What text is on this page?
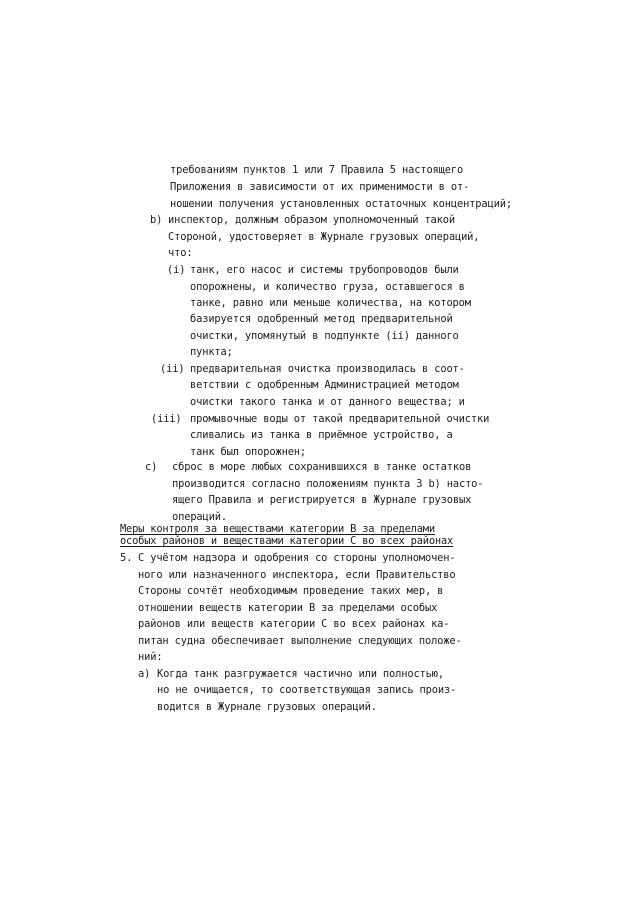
требованиям пунктов 1 или 7 Правила 5 настоящего
Приложения в зависимости от их применимости в от-
ношении получения установленных остаточных концентраций;
b) инспектор, должным образом уполномоченный такой
Стороной, удостоверяет в Журнале грузовых операций,
что:
(i) танк, его насос и системы трубопроводов были
опорожнены, и количество груза, оставшегося в
танке, равно или меньше количества, на котором
базируется одобренный метод предварительной
очистки, упомянутый в подпункте (ii) данного
пункта;
(ii) предварительная очистка производилась в соот-
ветствии с одобренным Администрацией методом
очистки такого танка и от данного вещества; и
(iii) промывочные воды от такой предварительной очистки
сливались из танка в приёмное устройство, а
танк был опорожнен;
c) сброс в море любых сохранившихся в танке остатков
производится согласно положениям пункта 3 b) насто-
ящего Правила и регистрируется в Журнале грузовых
операций.
Меры контроля за веществами категории B за пределами
особых районов и веществами категории C во всех районах
5. С учётом надзора и одобрения со стороны уполномочен-
ного или назначенного инспектора, если Правительство
Стороны сочтёт необходимым проведение таких мер, в
отношении веществ категории B за пределами особых
районов или веществ категории C во всех районах ка-
питан судна обеспечивает выполнение следующих положе-
ний:
a) Когда танк разгружается частично или полностью,
но не очищается, то соответствующая запись произ-
водится в Журнале грузовых операций.
